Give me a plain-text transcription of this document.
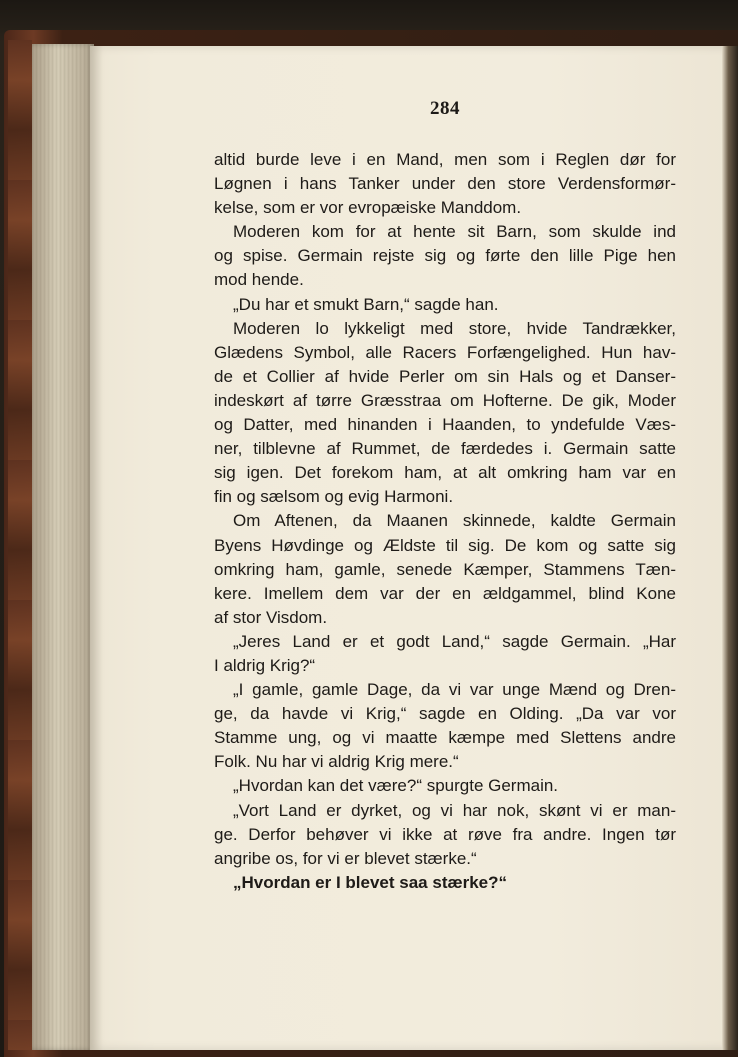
284
altid burde leve i en Mand, men som i Reglen dør for
Løgnen i hans Tanker under den store Verdensformør-
kelse, som er vor evropæiske Manddom.
Moderen kom for at hente sit Barn, som skulde ind
og spise. Germain rejste sig og førte den lille Pige hen
mod hende.
„Du har et smukt Barn,“ sagde han.
Moderen lo lykkeligt med store, hvide Tandrækker,
Glædens Symbol, alle Racers Forfængelighed. Hun hav-
de et Collier af hvide Perler om sin Hals og et Danser-
indeskørt af tørre Græsstraa om Hofterne. De gik, Moder
og Datter, med hinanden i Haanden, to yndefulde Væs-
ner, tilblevne af Rummet, de færdedes i. Germain satte
sig igen. Det forekom ham, at alt omkring ham var en
fin og sælsom og evig Harmoni.
Om Aftenen, da Maanen skinnede, kaldte Germain
Byens Høvdinge og Ældste til sig. De kom og satte sig
omkring ham, gamle, senede Kæmper, Stammens Tæn-
kere. Imellem dem var der en ældgammel, blind Kone
af stor Visdom.
„Jeres Land er et godt Land,“ sagde Germain. „Har
I aldrig Krig?“
„I gamle, gamle Dage, da vi var unge Mænd og Dren-
ge, da havde vi Krig,“ sagde en Olding. „Da var vor
Stamme ung, og vi maatte kæmpe med Slettens andre
Folk. Nu har vi aldrig Krig mere.“
„Hvordan kan det være?“ spurgte Germain.
„Vort Land er dyrket, og vi har nok, skønt vi er man-
ge. Derfor behøver vi ikke at røve fra andre. Ingen tør
angribe os, for vi er blevet stærke.“
„Hvordan er I blevet saa stærke?“
